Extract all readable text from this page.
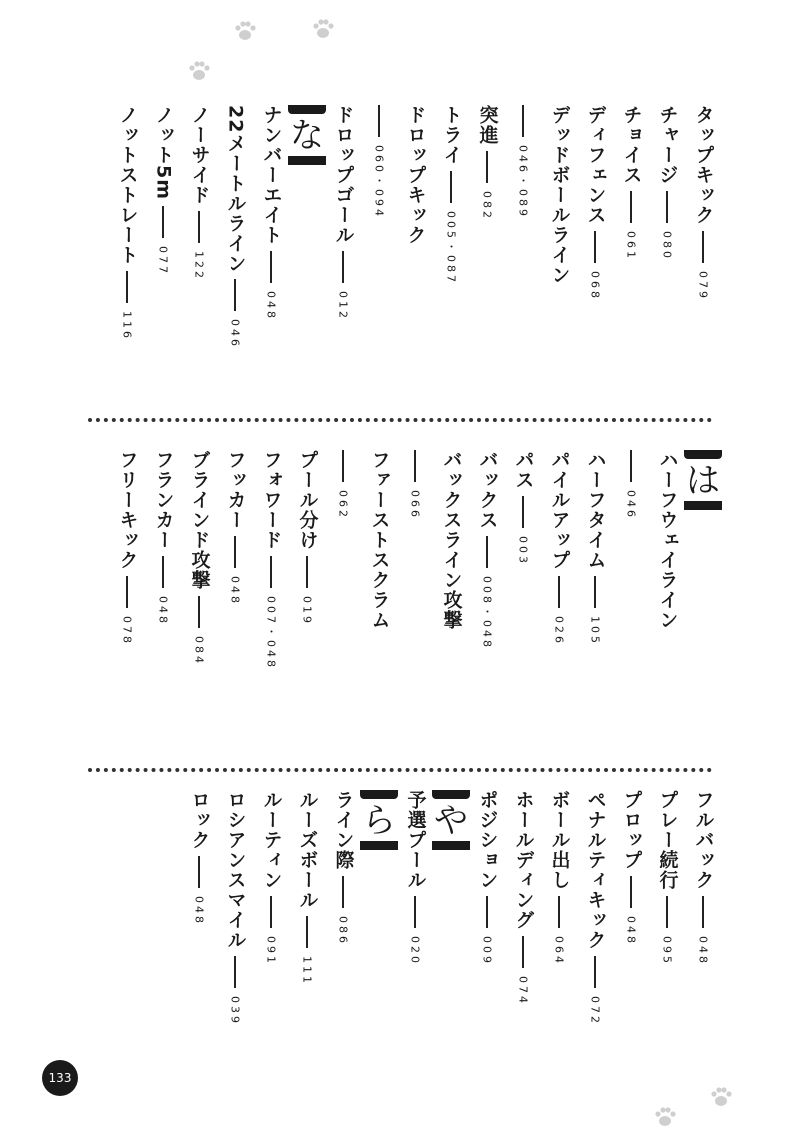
タップキック
079
チャージ
080
チョイス
061
ディフェンス
068
デッドボールライン
046・089
突進
082
トライ
005・087
ドロップキック
060・094
ドロップゴール
012
な
ナンバーエイト
048
22メートルライン
046
ノーサイド
122
ノット5m
077
ノットストレート
116
は
ハーフウェイライン
046
ハーフタイム
105
パイルアップ
026
パス
003
バックス
008・048
バックスライン攻撃
066
ファーストスクラム
062
プール分け
019
フォワード
007・048
フッカー
048
ブラインド攻撃
084
フランカー
048
フリーキック
078
フルバック
048
プレー続行
095
プロップ
048
ペナルティキック
072
ボール出し
064
ホールディング
074
ポジション
009
や
予選プール
020
ら
ライン際
086
ルーズボール
111
ルーティン
091
ロシアンスマイル
039
ロック
048
133
